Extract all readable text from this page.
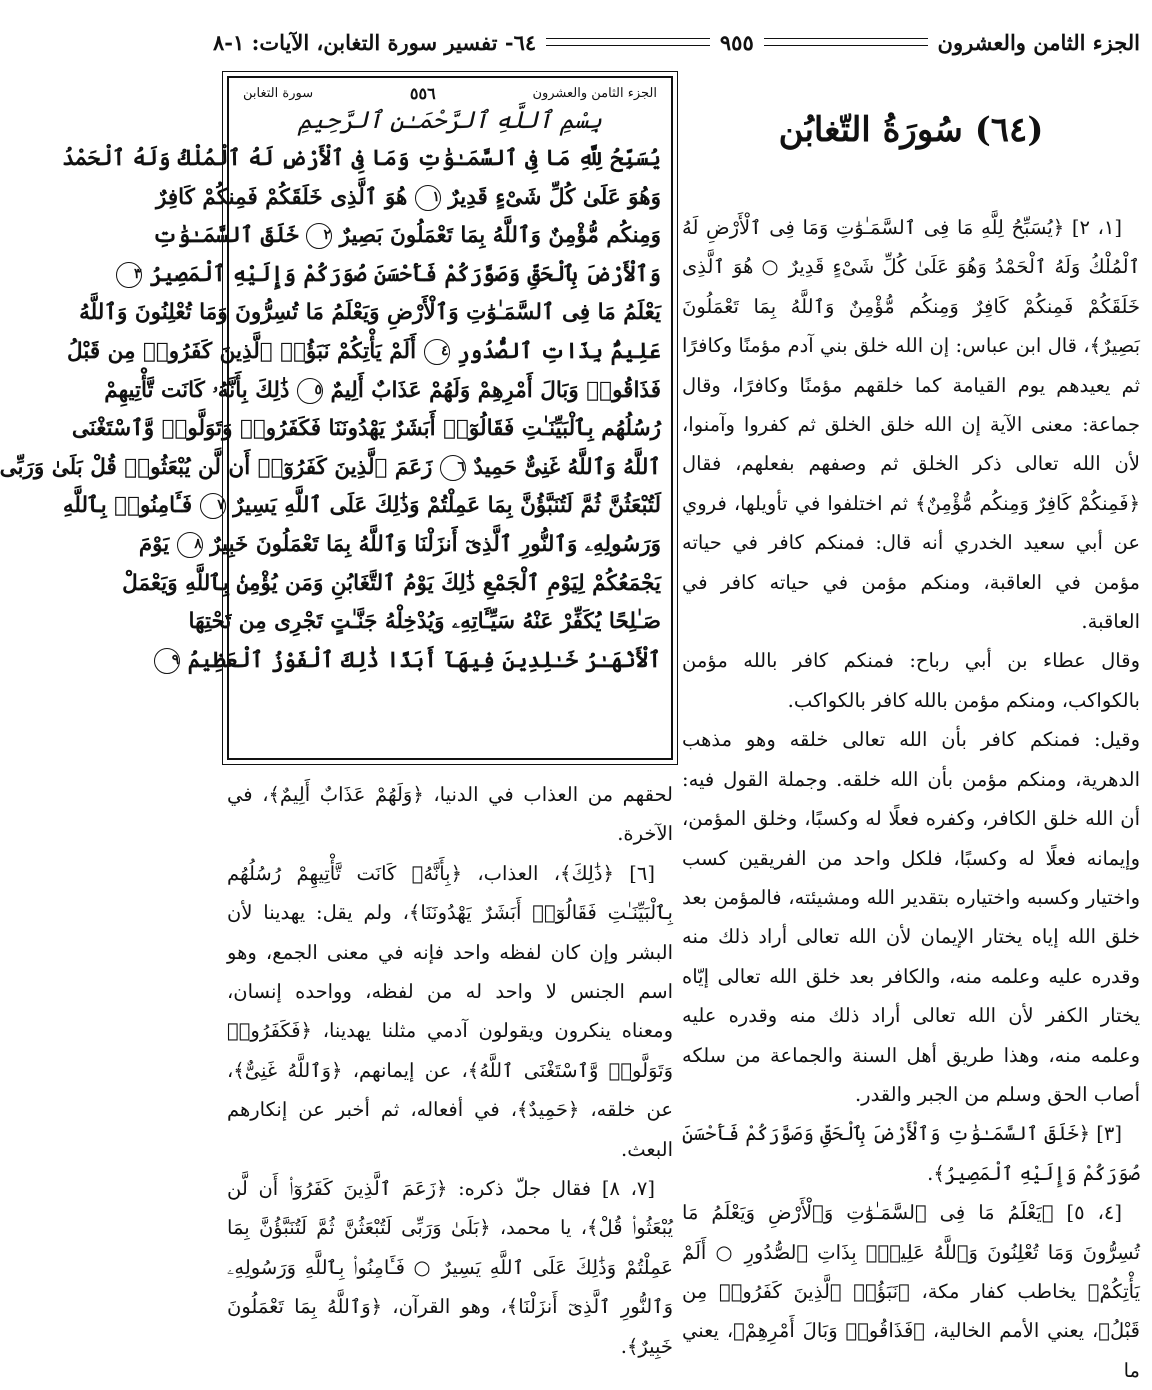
الجزء الثامن والعشرون
٩٥٥
٦٤- تفسير سورة التغابن، الآيات: ١-٨
(٦٤) سُورَةُ التّغابُن

[١، ٢] ﴿يُسَبِّحُ لِلَّهِ مَا فِى ٱلسَّمَـٰوَٰتِ وَمَا فِى ٱلْأَرْضِ لَهُ ٱلْمُلْكُ وَلَهُ ٱلْحَمْدُ وَهُوَ عَلَىٰ كُلِّ شَىْءٍ قَدِيرٌ ○ هُوَ ٱلَّذِى خَلَقَكُمْ فَمِنكُمْ كَافِرٌ وَمِنكُم مُّؤْمِنٌ وَٱللَّهُ بِمَا تَعْمَلُونَ بَصِيرٌ﴾، قال ابن عباس: إن الله خلق بني آدم مؤمنًا وكافرًا ثم يعيدهم يوم القيامة كما خلقهم مؤمنًا وكافرًا، وقال جماعة: معنى الآية إن الله خلق الخلق ثم كفروا وآمنوا، لأن الله تعالى ذكر الخلق ثم وصفهم بفعلهم، فقال ﴿فَمِنكُمْ كَافِرٌ وَمِنكُم مُّؤْمِنٌ﴾ ثم اختلفوا في تأويلها، فروي عن أبي سعيد الخدري أنه قال: فمنكم كافر في حياته مؤمن في العاقبة، ومنكم مؤمن في حياته كافر في العاقبة.

وقال عطاء بن أبي رباح: فمنكم كافر بالله مؤمن بالكواكب، ومنكم مؤمن بالله كافر بالكواكب.

وقيل: فمنكم كافر بأن الله تعالى خلقه وهو مذهب الدهرية، ومنكم مؤمن بأن الله خلقه. وجملة القول فيه: أن الله خلق الكافر، وكفره فعلًا له وكسبًا، وخلق المؤمن، وإيمانه فعلًا له وكسبًا، فلكل واحد من الفريقين كسب واختيار وكسبه واختياره بتقدير الله ومشيئته، فالمؤمن بعد خلق الله إياه يختار الإيمان لأن الله تعالى أراد ذلك منه وقدره عليه وعلمه منه، والكافر بعد خلق الله تعالى إيّاه يختار الكفر لأن الله تعالى أراد ذلك منه وقدره عليه وعلمه منه، وهذا طريق أهل السنة والجماعة من سلكه أصاب الحق وسلم من الجبر والقدر.

[٣] ﴿خَلَقَ ٱلسَّمَـٰوَٰتِ وَٱلْأَرْضَ بِٱلْحَقِّ وَصَوَّرَكُمْ فَأَحْسَنَ صُوَرَكُمْ وَإِلَيْهِ ٱلْمَصِيرُ﴾.

[٤، ٥] ﴿يَعْلَمُ مَا فِى ٱلسَّمَـٰوَٰتِ وَٱلْأَرْضِ وَيَعْلَمُ مَا تُسِرُّونَ وَمَا تُعْلِنُونَ وَٱللَّهُ عَلِيمٌۢ بِذَاتِ ٱلصُّدُورِ ○ أَلَمْ يَأْتِكُمْ﴾ يخاطب كفار مكة، ﴿نَبَؤُا۟ ٱلَّذِينَ كَفَرُوا۟ مِن قَبْلُ﴾، يعني الأمم الخالية، ﴿فَذَاقُوا۟ وَبَالَ أَمْرِهِمْ﴾، يعني ما

الجزء الثامن والعشرون
٥٥٦
سورة التغابن
بِسْمِ ٱللَّهِ ٱلرَّحْمَـٰنِ ٱلرَّحِيمِ
يُسَبِّحُ لِلَّهِ مَا فِى ٱلسَّمَـٰوَٰتِ وَمَا فِى ٱلْأَرْضِ لَهُ ٱلْمُلْكُ وَلَهُ ٱلْحَمْدُ
وَهُوَ عَلَىٰ كُلِّ شَىْءٍ قَدِيرٌ ١ هُوَ ٱلَّذِى خَلَقَكُمْ فَمِنكُمْ كَافِرٌ
وَمِنكُم مُّؤْمِنٌ وَٱللَّهُ بِمَا تَعْمَلُونَ بَصِيرٌ ٢ خَلَقَ ٱلسَّمَـٰوَٰتِ
وَٱلْأَرْضَ بِٱلْحَقِّ وَصَوَّرَكُمْ فَأَحْسَنَ صُوَرَكُمْ وَإِلَيْهِ ٱلْمَصِيرُ ٣
يَعْلَمُ مَا فِى ٱلسَّمَـٰوَٰتِ وَٱلْأَرْضِ وَيَعْلَمُ مَا تُسِرُّونَ وَمَا تُعْلِنُونَ وَٱللَّهُ
عَلِيمٌۢ بِذَاتِ ٱلصُّدُورِ ٤ أَلَمْ يَأْتِكُمْ نَبَؤُا۟ ٱلَّذِينَ كَفَرُوا۟ مِن قَبْلُ
فَذَاقُوا۟ وَبَالَ أَمْرِهِمْ وَلَهُمْ عَذَابٌ أَلِيمٌ ٥ ذَٰلِكَ بِأَنَّهُۥ كَانَت تَّأْتِيهِمْ
رُسُلُهُم بِٱلْبَيِّنَـٰتِ فَقَالُوٓا۟ أَبَشَرٌ يَهْدُونَنَا فَكَفَرُوا۟ وَتَوَلَّوا۟ وَّٱسْتَغْنَى
ٱللَّهُ وَٱللَّهُ غَنِىٌّ حَمِيدٌ ٦ زَعَمَ ٱلَّذِينَ كَفَرُوٓا۟ أَن لَّن يُبْعَثُوا۟ قُلْ بَلَىٰ وَرَبِّى
لَتُبْعَثُنَّ ثُمَّ لَتُنَبَّؤُنَّ بِمَا عَمِلْتُمْ وَذَٰلِكَ عَلَى ٱللَّهِ يَسِيرٌ ٧ فَـَٔامِنُوا۟ بِٱللَّهِ
وَرَسُولِهِۦ وَٱلنُّورِ ٱلَّذِىٓ أَنزَلْنَا وَٱللَّهُ بِمَا تَعْمَلُونَ خَبِيرٌ ٨ يَوْمَ
يَجْمَعُكُمْ لِيَوْمِ ٱلْجَمْعِ ذَٰلِكَ يَوْمُ ٱلتَّغَابُنِ وَمَن يُؤْمِنۢ بِٱللَّهِ وَيَعْمَلْ
صَـٰلِحًا يُكَفِّرْ عَنْهُ سَيِّـَٔاتِهِۦ وَيُدْخِلْهُ جَنَّـٰتٍ تَجْرِى مِن تَحْتِهَا
ٱلْأَنْهَـٰرُ خَـٰلِدِينَ فِيهَآ أَبَدًا ذَٰلِكَ ٱلْفَوْزُ ٱلْعَظِيمُ ٩

لحقهم من العذاب في الدنيا، ﴿وَلَهُمْ عَذَابٌ أَلِيمٌ﴾، في الآخرة.

[٦] ﴿ذَٰلِكَ﴾، العذاب، ﴿بِأَنَّهُۥ كَانَت تَّأْتِيهِمْ رُسُلُهُم بِٱلْبَيِّنَـٰتِ فَقَالُوٓا۟ أَبَشَرٌ يَهْدُونَنَا﴾، ولم يقل: يهدينا لأن البشر وإن كان لفظه واحد فإنه في معنى الجمع، وهو اسم الجنس لا واحد له من لفظه، وواحده إنسان، ومعناه ينكرون ويقولون آدمي مثلنا يهدينا، ﴿فَكَفَرُوا۟ وَتَوَلَّوا۟ وَّٱسْتَغْنَى ٱللَّهُ﴾، عن إيمانهم، ﴿وَٱللَّهُ غَنِىٌّ﴾، عن خلقه، ﴿حَمِيدٌ﴾، في أفعاله، ثم أخبر عن إنكارهم البعث.

[٧، ٨] فقال جلّ ذكره: ﴿زَعَمَ ٱلَّذِينَ كَفَرُوٓا۟ أَن لَّن يُبْعَثُوا۟ قُلْ﴾، يا محمد، ﴿بَلَىٰ وَرَبِّى لَتُبْعَثُنَّ ثُمَّ لَتُنَبَّؤُنَّ بِمَا عَمِلْتُمْ وَذَٰلِكَ عَلَى ٱللَّهِ يَسِيرٌ ○ فَـَٔامِنُوا۟ بِٱللَّهِ وَرَسُولِهِۦ وَٱلنُّورِ ٱلَّذِىٓ أَنزَلْنَا﴾، وهو القرآن، ﴿وَٱللَّهُ بِمَا تَعْمَلُونَ خَبِيرٌ﴾.
